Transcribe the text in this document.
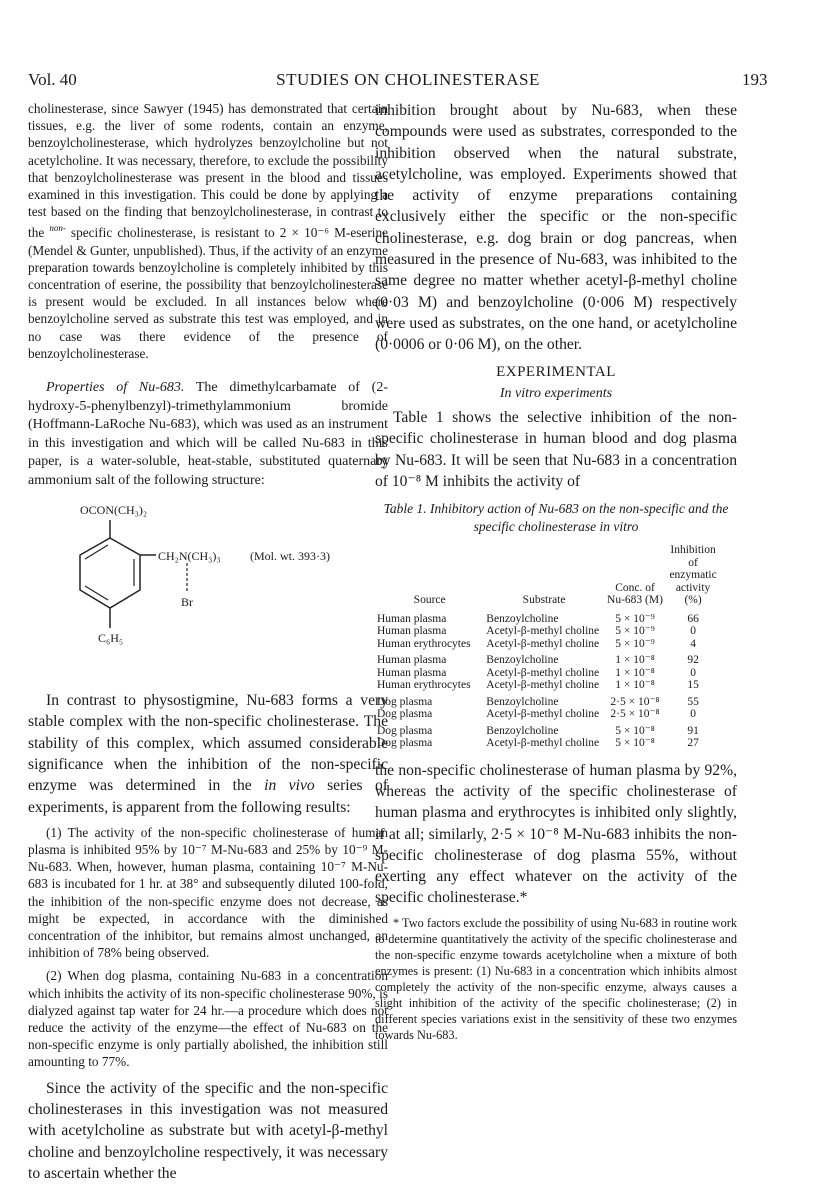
Vol. 40	STUDIES ON CHOLINESTERASE	193

cholinesterase, since Sawyer (1945) has demonstrated that certain tissues, e.g. the liver of some rodents, contain an enzyme, benzoylcholinesterase, which hydrolyzes benzoylcholine but not acetylcholine. It was necessary, therefore, to exclude the possibility that benzoylcholinesterase was present in the blood and tissues examined in this investigation. This could be done by applying a test based on the finding that benzoylcholinesterase, in contrast to the $^{non-}$ specific cholinesterase, is resistant to 2 × 10⁻⁶ M-eserine (Mendel & Gunter, unpublished). Thus, if the activity of an enzyme preparation towards benzoylcholine is completely inhibited by this concentration of eserine, the possibility that benzoylcholinesterase is present would be excluded. In all instances below where benzoylcholine served as substrate this test was employed, and in no case was there evidence of the presence of benzoylcholinesterase.

Properties of Nu-683. The dimethylcarbamate of (2-hydroxy-5-phenylbenzyl)-trimethylammonium bromide (Hoffmann-LaRoche Nu-683), which was used as an instrument in this investigation and which will be called Nu-683 in this paper, is a water-soluble, heat-stable, substituted quaternary ammonium salt of the following structure:

OCON(CH₃)₂
CH₂N(CH₃)₃ (Mol. wt. 393·3)
Br
C₆H₅

In contrast to physostigmine, Nu-683 forms a very stable complex with the non-specific cholinesterase. The stability of this complex, which assumed considerable significance when the inhibition of the non-specific enzyme was determined in the in vivo series of experiments, is apparent from the following results:

(1) The activity of the non-specific cholinesterase of human plasma is inhibited 95% by 10⁻⁷ M-Nu-683 and 25% by 10⁻⁹ M-Nu-683. When, however, human plasma, containing 10⁻⁷ M-Nu-683 is incubated for 1 hr. at 38° and subsequently diluted 100-fold, the inhibition of the non-specific enzyme does not decrease, as might be expected, in accordance with the diminished concentration of the inhibitor, but remains almost unchanged, an inhibition of 78% being observed.

(2) When dog plasma, containing Nu-683 in a concentration which inhibits the activity of its non-specific cholinesterase 90%, is dialyzed against tap water for 24 hr.—a procedure which does not reduce the activity of the enzyme—the effect of Nu-683 on the non-specific enzyme is only partially abolished, the inhibition still amounting to 77%.

Since the activity of the specific and the non-specific cholinesterases in this investigation was not measured with acetylcholine as substrate but with acetyl-β-methyl choline and benzoylcholine respectively, it was necessary to ascertain whether the

inhibition brought about by Nu-683, when these compounds were used as substrates, corresponded to the inhibition observed when the natural substrate, acetylcholine, was employed. Experiments showed that the activity of enzyme preparations containing exclusively either the specific or the non-specific cholinesterase, e.g. dog brain or dog pancreas, when measured in the presence of Nu-683, was inhibited to the same degree no matter whether acetyl-β-methyl choline (0·03 M) and benzoylcholine (0·006 M) respectively were used as substrates, on the one hand, or acetylcholine (0·0006 or 0·06 M), on the other.

EXPERIMENTAL
In vitro experiments

Table 1 shows the selective inhibition of the non-specific cholinesterase in human blood and dog plasma by Nu-683. It will be seen that Nu-683 in a concentration of 10⁻⁸ M inhibits the activity of

Table 1. Inhibitory action of Nu-683 on the non-specific and the specific cholinesterase in vitro
Source	Substrate	Conc. of Nu-683 (M)	Inhibition of enzymatic activity (%)
Human plasma	Benzoylcholine	5 × 10⁻⁹	66
Human plasma	Acetyl-β-methyl choline	5 × 10⁻⁹	0
Human erythrocytes	Acetyl-β-methyl choline	5 × 10⁻⁹	4
Human plasma	Benzoylcholine	1 × 10⁻⁸	92
Human plasma	Acetyl-β-methyl choline	1 × 10⁻⁸	0
Human erythrocytes	Acetyl-β-methyl choline	1 × 10⁻⁸	15
Dog plasma	Benzoylcholine	2·5 × 10⁻⁸	55
Dog plasma	Acetyl-β-methyl choline	2·5 × 10⁻⁸	0
Dog plasma	Benzoylcholine	5 × 10⁻⁸	91
Dog plasma	Acetyl-β-methyl choline	5 × 10⁻⁸	27

the non-specific cholinesterase of human plasma by 92%, whereas the activity of the specific cholinesterase of human plasma and erythrocytes is inhibited only slightly, if at all; similarly, 2·5 × 10⁻⁸ M-Nu-683 inhibits the non-specific cholinesterase of dog plasma 55%, without exerting any effect whatever on the activity of the specific cholinesterase.*

* Two factors exclude the possibility of using Nu-683 in routine work to determine quantitatively the activity of the specific cholinesterase and the non-specific enzyme towards acetylcholine when a mixture of both enzymes is present: (1) Nu-683 in a concentration which inhibits almost completely the activity of the non-specific enzyme, always causes a slight inhibition of the activity of the specific cholinesterase; (2) in different species variations exist in the sensitivity of these two enzymes towards Nu-683.
